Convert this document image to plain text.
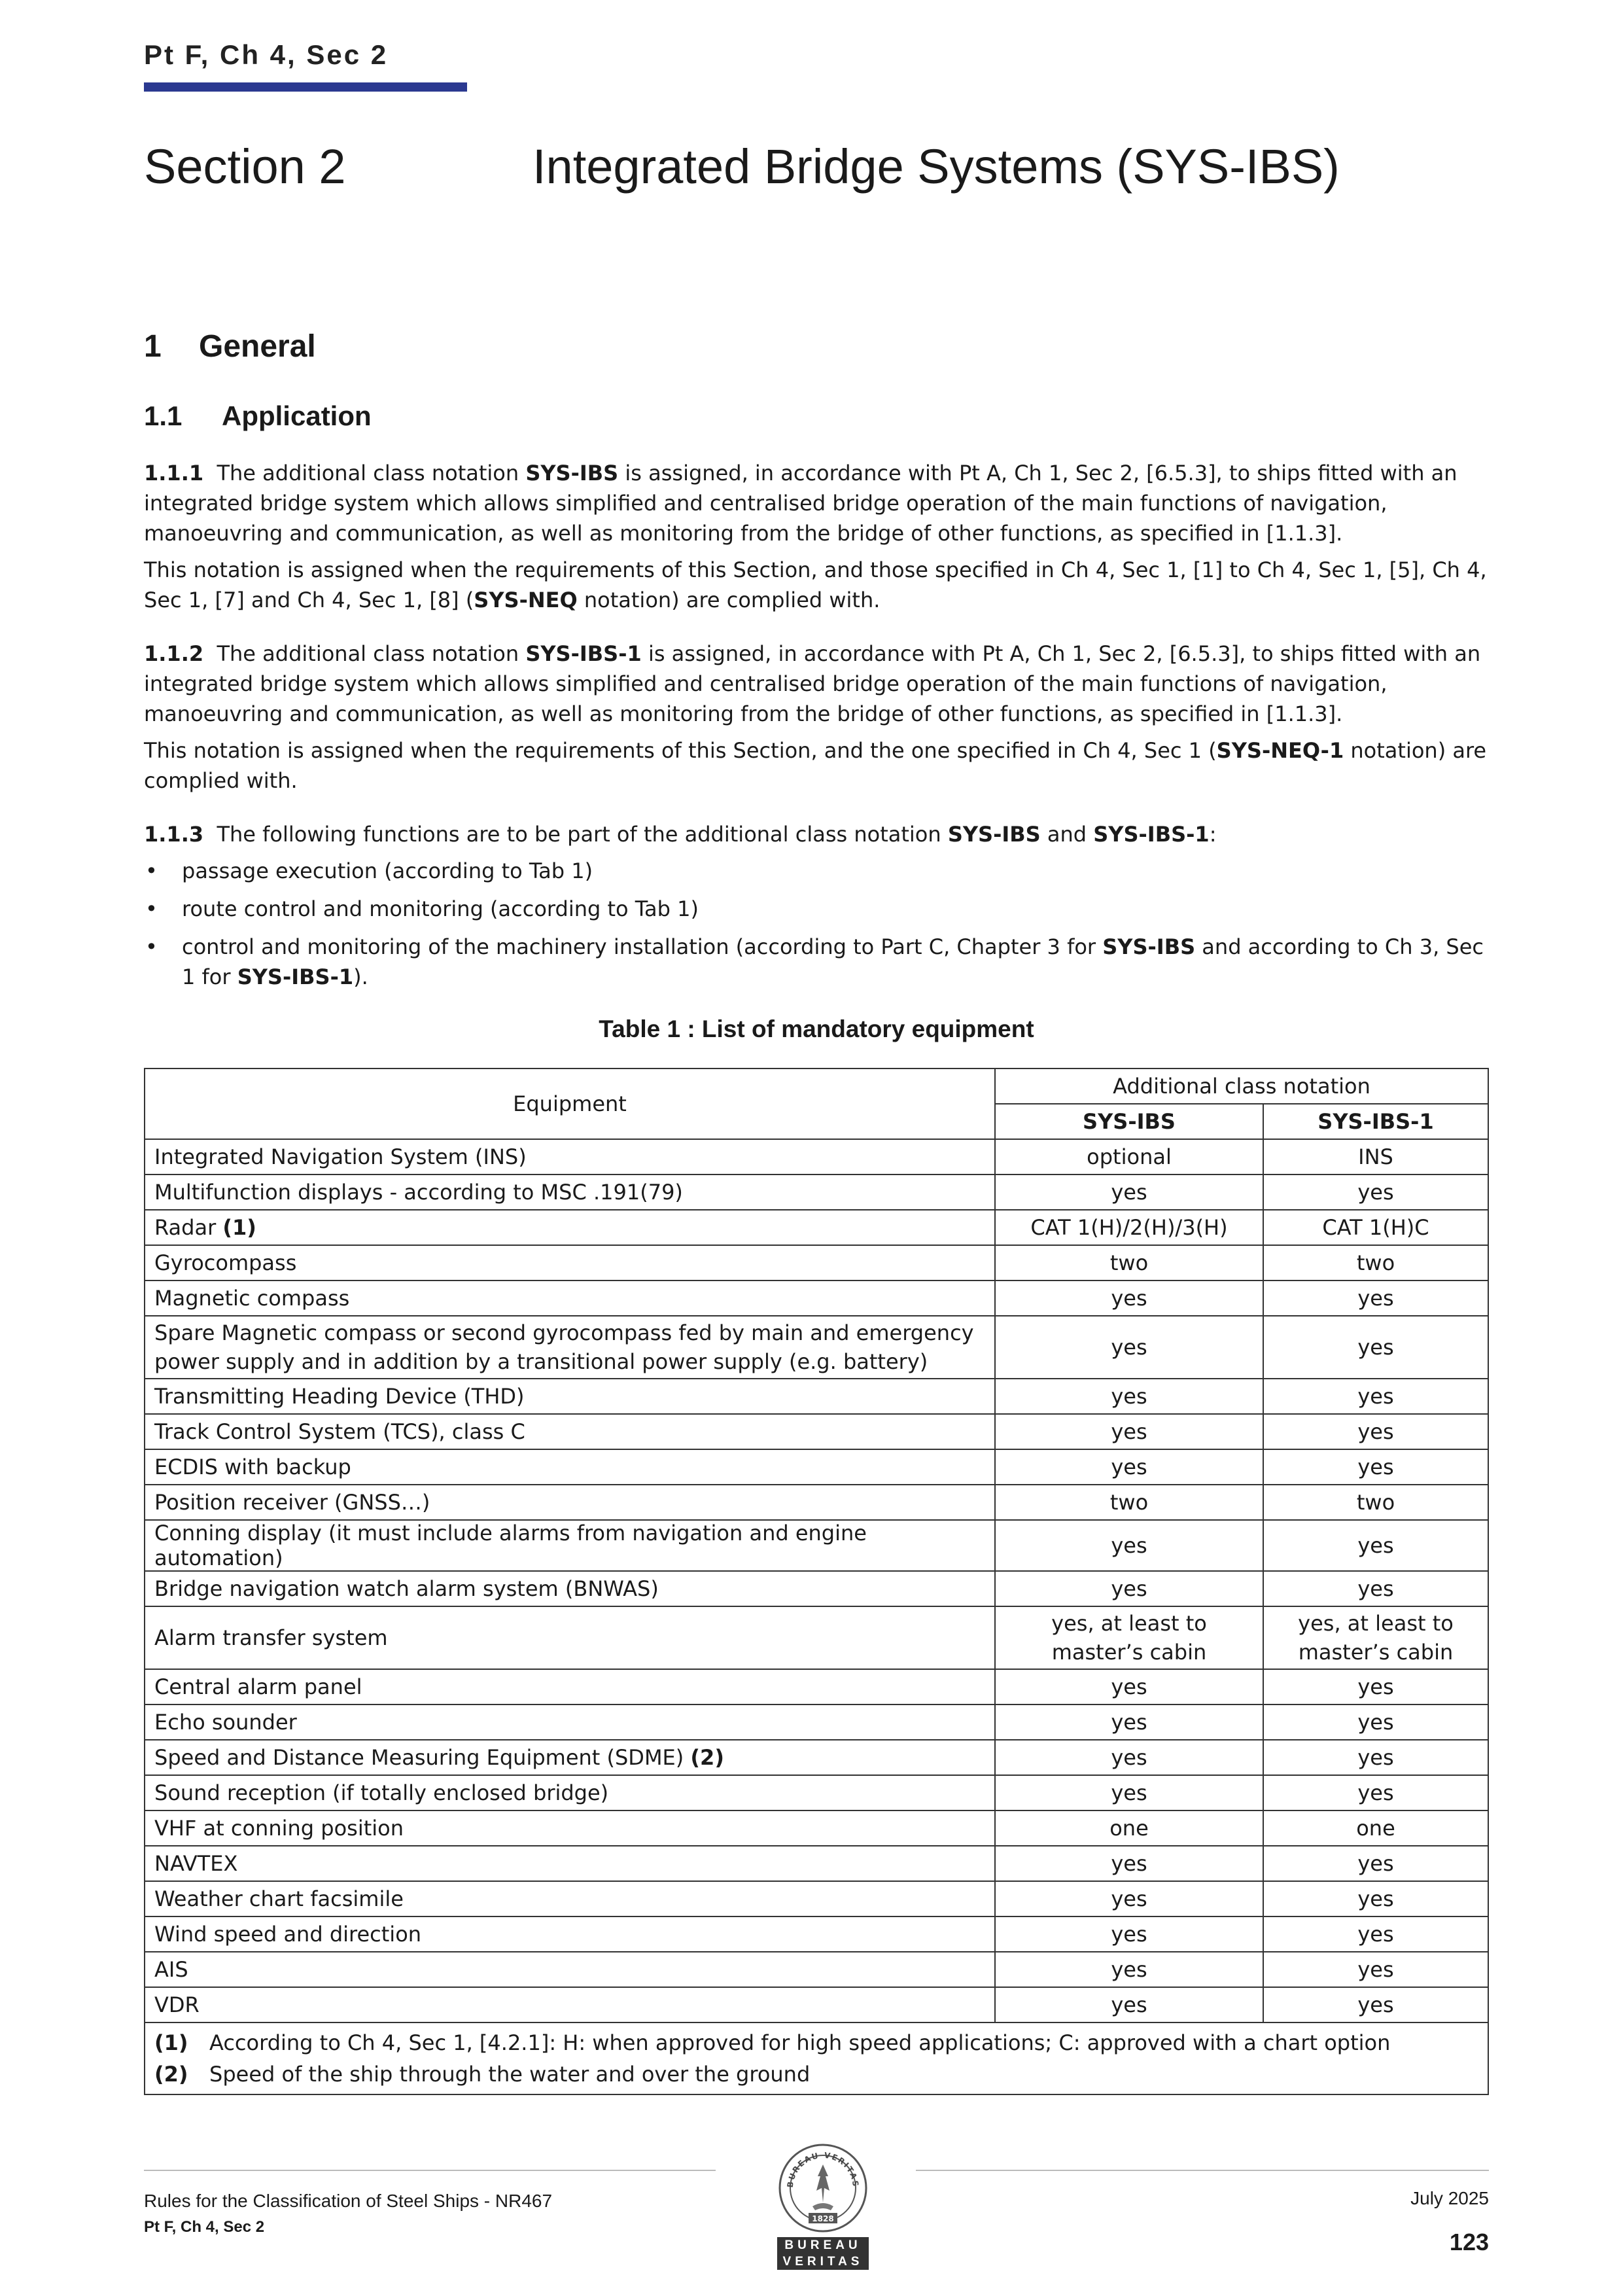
Pt F, Ch 4, Sec 2
Section 2	Integrated Bridge Systems (SYS-IBS)
1 General
1.1 Application

1.1.1 The additional class notation SYS-IBS is assigned, in accordance with Pt A, Ch 1, Sec 2, [6.5.3], to ships fitted with an integrated bridge system which allows simplified and centralised bridge operation of the main functions of navigation, manoeuvring and communication, as well as monitoring from the bridge of other functions, as specified in [1.1.3].

This notation is assigned when the requirements of this Section, and those specified in Ch 4, Sec 1, [1] to Ch 4, Sec 1, [5], Ch 4, Sec 1, [7] and Ch 4, Sec 1, [8] (SYS-NEQ notation) are complied with.

1.1.2 The additional class notation SYS-IBS-1 is assigned, in accordance with Pt A, Ch 1, Sec 2, [6.5.3], to ships fitted with an integrated bridge system which allows simplified and centralised bridge operation of the main functions of navigation, manoeuvring and communication, as well as monitoring from the bridge of other functions, as specified in [1.1.3].

This notation is assigned when the requirements of this Section, and the one specified in Ch 4, Sec 1 (SYS-NEQ-1 notation) are complied with.

1.1.3 The following functions are to be part of the additional class notation SYS-IBS and SYS-IBS-1:

• passage execution (according to Tab 1)
• route control and monitoring (according to Tab 1)
• control and monitoring of the machinery installation (according to Part C, Chapter 3 for SYS-IBS and according to Ch 3, Sec 1 for SYS-IBS-1).
Table 1 : List of mandatory equipment
Equipment	Additional class notation	
	SYS-IBS	SYS-IBS-1
Integrated Navigation System (INS)	optional	INS
Multifunction displays - according to MSC .191(79)	yes	yes
Radar (1)	CAT 1(H)/2(H)/3(H)	CAT 1(H)C
Gyrocompass	two	two
Magnetic compass	yes	yes
Spare Magnetic compass or second gyrocompass fed by main and emergency power supply and in addition by a transitional power supply (e.g. battery)	yes	yes
Transmitting Heading Device (THD)	yes	yes
Track Control System (TCS), class C	yes	yes
ECDIS with backup	yes	yes
Position receiver (GNSS…)	two	two
Conning display (it must include alarms from navigation and engine automation)	yes	yes
Bridge navigation watch alarm system (BNWAS)	yes	yes
Alarm transfer system	yes, at least to master’s cabin	yes, at least to master’s cabin
Central alarm panel	yes	yes
Echo sounder	yes	yes
Speed and Distance Measuring Equipment (SDME) (2)	yes	yes
Sound reception (if totally enclosed bridge)	yes	yes
VHF at conning position	one	one
NAVTEX	yes	yes
Weather chart facsimile	yes	yes
Wind speed and direction	yes	yes
AIS	yes	yes
VDR	yes	yes

(1) According to Ch 4, Sec 1, [4.2.1]: H: when approved for high speed applications; C: approved with a chart option
(2) Speed of the ship through the water and over the ground		
Rules for the Classification of Steel Ships - NR467
Pt F, Ch 4, Sec 2
BUREAU VERITAS
1828
BUREAU
VERITAS
July 2025
123
